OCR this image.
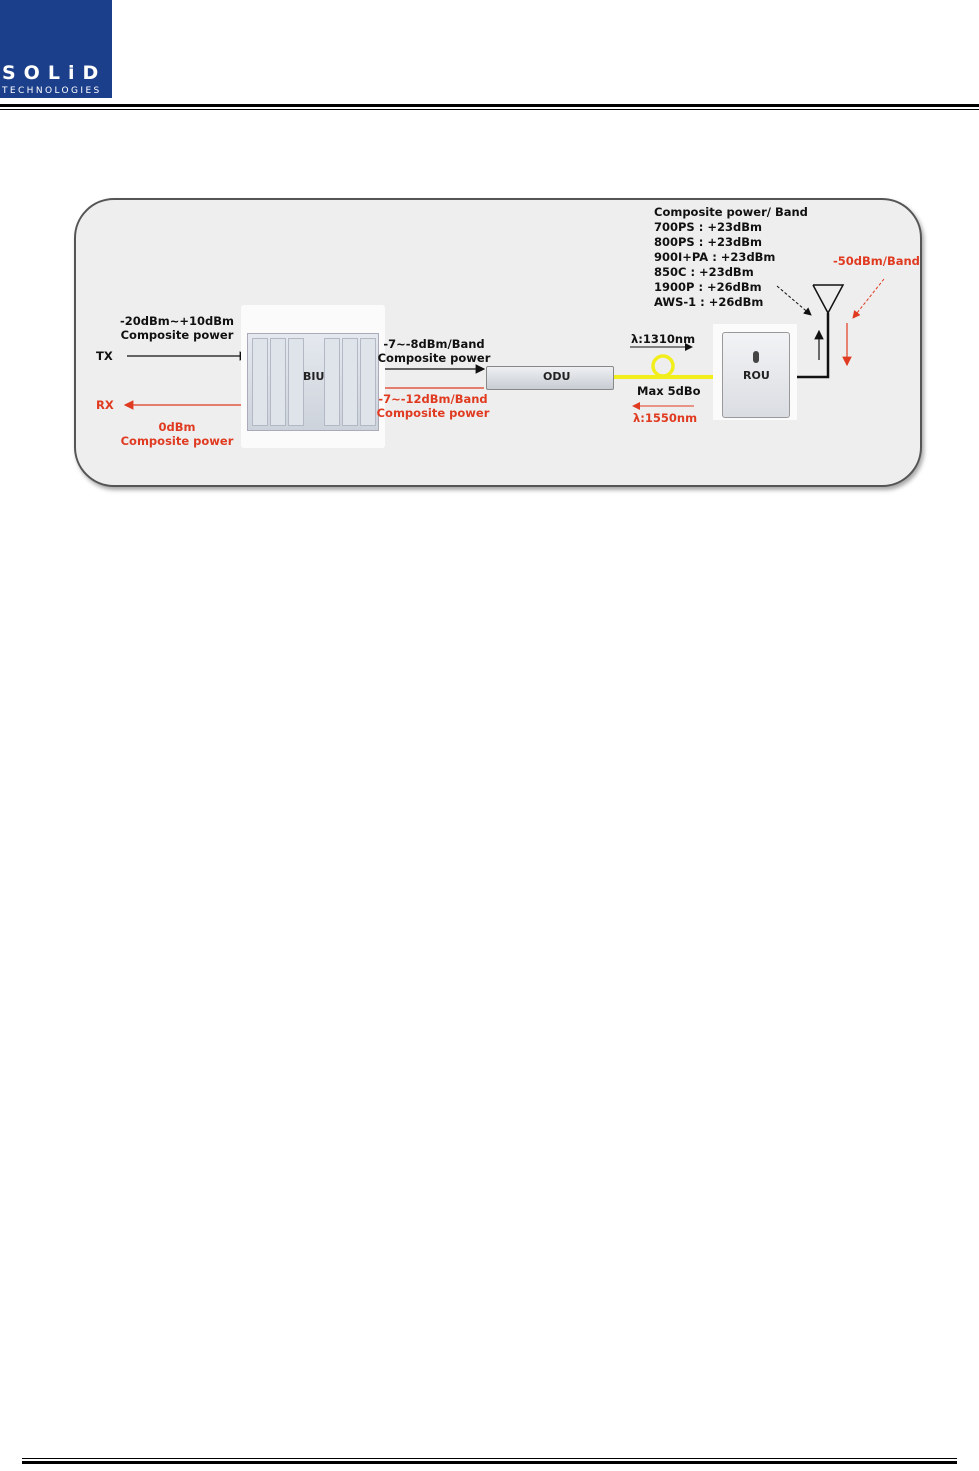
SOLiD
TECHNOLOGIES
TX
RX
-20dBm~+10dBm
Composite power
0dBm
Composite power
BIU
-7~-8dBm/Band
Composite power
-7~-12dBm/Band
Composite power
ODU
λ:1310nm
Max 5dBo
λ:1550nm
ROU
Composite power/ Band
700PS : +23dBm
800PS : +23dBm
900I+PA : +23dBm
850C : +23dBm
1900P : +26dBm
AWS-1 : +26dBm
-50dBm/Band
